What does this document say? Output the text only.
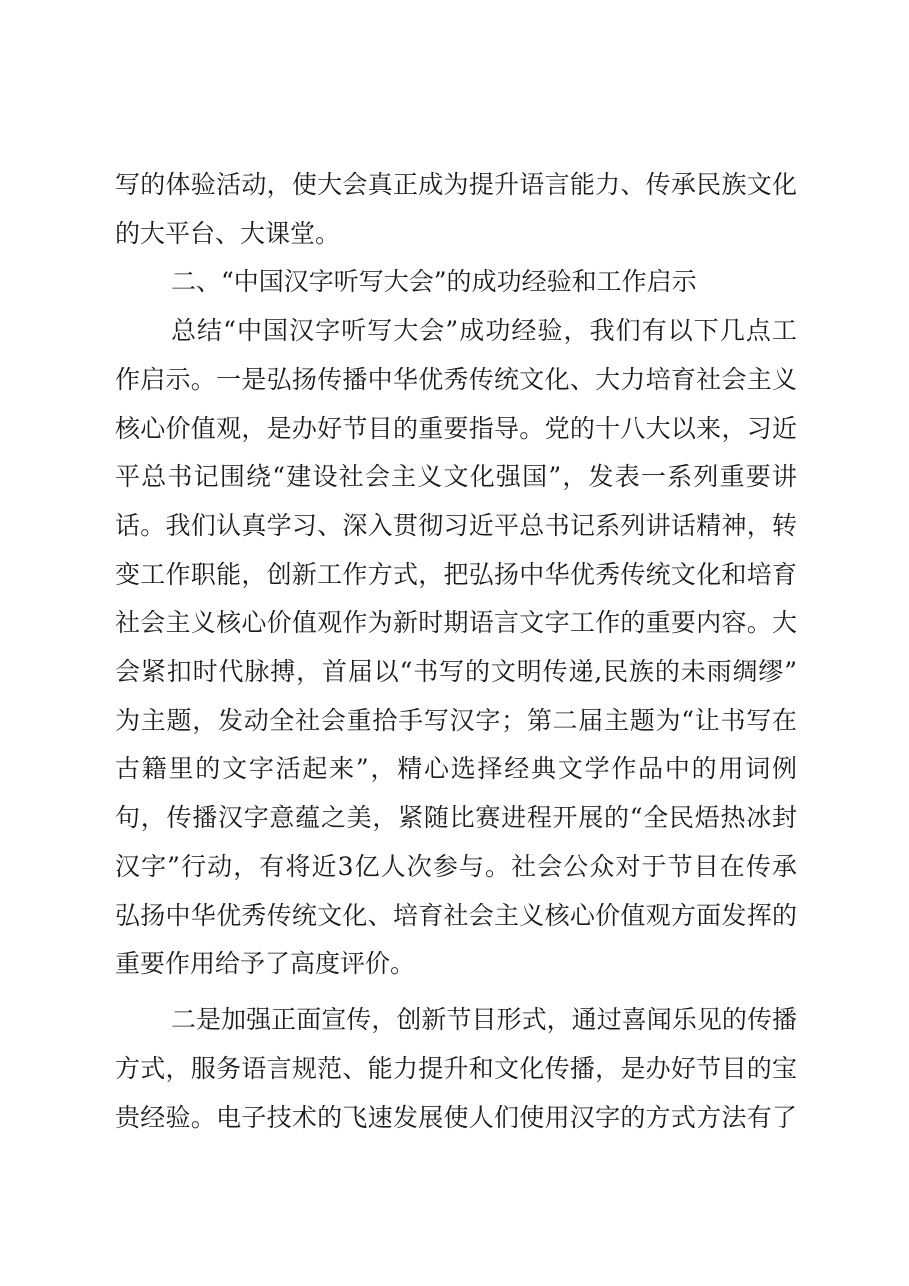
写的体验活动，使大会真正成为提升语言能力、传承民族文化
的大平台、大课堂。
二、“中国汉字听写大会”的成功经验和工作启示
总结“中国汉字听写大会”成功经验，我们有以下几点工
作启示。一是弘扬传播中华优秀传统文化、大力培育社会主义
核心价值观，是办好节目的重要指导。党的十八大以来，习近
平总书记围绕“建设社会主义文化强国”，发表一系列重要讲
话。我们认真学习、深入贯彻习近平总书记系列讲话精神，转
变工作职能，创新工作方式，把弘扬中华优秀传统文化和培育
社会主义核心价值观作为新时期语言文字工作的重要内容。大
会紧扣时代脉搏，首届以“书写的文明传递,民族的未雨绸缪”
为主题，发动全社会重拾手写汉字；第二届主题为“让书写在
古籍里的文字活起来”，精心选择经典文学作品中的用词例
句，传播汉字意蕴之美，紧随比赛进程开展的“全民焐热冰封
汉字”行动，有将近3亿人次参与。社会公众对于节目在传承
弘扬中华优秀传统文化、培育社会主义核心价值观方面发挥的
重要作用给予了高度评价。
二是加强正面宣传，创新节目形式，通过喜闻乐见的传播
方式，服务语言规范、能力提升和文化传播，是办好节目的宝
贵经验。电子技术的飞速发展使人们使用汉字的方式方法有了
